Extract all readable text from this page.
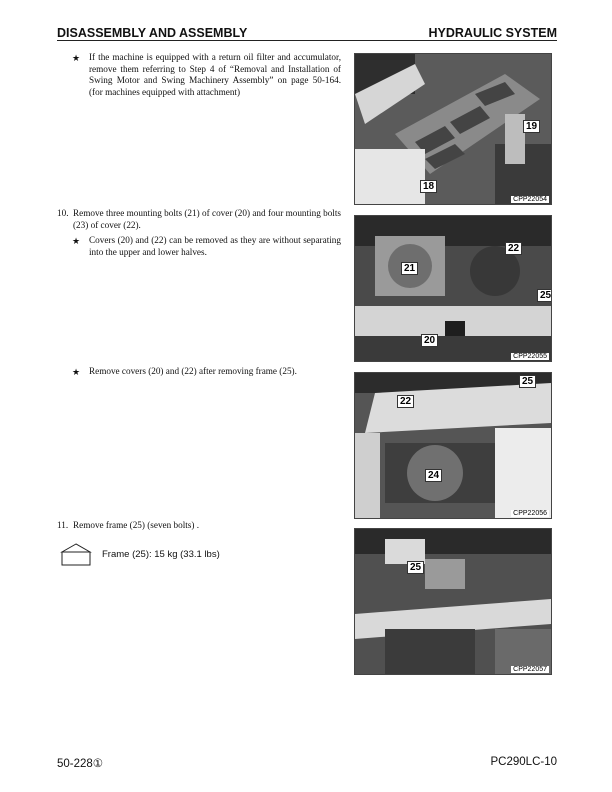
DISASSEMBLY AND ASSEMBLY	HYDRAULIC SYSTEM
★ If the machine is equipped with a return oil filter and accumulator, remove them referring to Step 4 of “Removal and Installation of Swing Motor and Swing Machinery Assembly” on page 50-164. (for machines equipped with attachment)
10. Remove three mounting bolts (21) of cover (20) and four mounting bolts (23) of cover (22).
★ Covers (20) and (22) can be removed as they are without separating into the upper and lower halves.
★ Remove covers (20) and (22) after removing frame (25).
11. Remove frame (25) (seven bolts) .
Frame (25): 15 kg (33.1 lbs)
19
18
CPP22054
22
21
25
20
CPP22055
25
22
24
CPP22056
25
CPP22057
50-228①	PC290LC-10
